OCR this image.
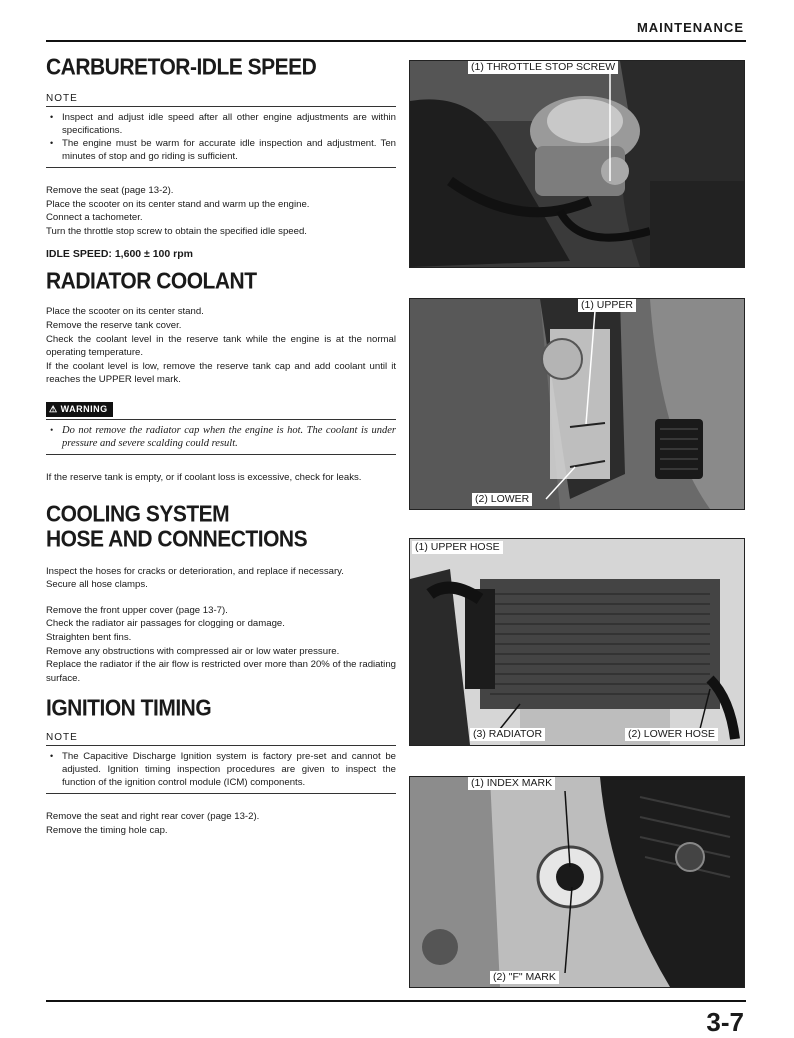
MAINTENANCE
CARBURETOR-IDLE SPEED
NOTE
• Inspect and adjust idle speed after all other engine adjustments are within specifications.
• The engine must be warm for accurate idle inspection and adjustment. Ten minutes of stop and go riding is sufficient.

Remove the seat (page 13-2).

Place the scooter on its center stand and warm up the engine.

Connect a tachometer.

Turn the throttle stop screw to obtain the specified idle speed.

IDLE SPEED: 1,600 ± 100 rpm

RADIATOR COOLANT

Place the scooter on its center stand.

Remove the reserve tank cover.

Check the coolant level in the reserve tank while the engine is at the normal operating temperature.

If the coolant level is low, remove the reserve tank cap and add coolant until it reaches the UPPER level mark.

⚠ WARNING
• Do not remove the radiator cap when the engine is hot. The coolant is under pressure and severe scalding could result.

If the reserve tank is empty, or if coolant loss is excessive, check for leaks.

COOLING SYSTEM
HOSE AND CONNECTIONS

Inspect the hoses for cracks or deterioration, and replace if necessary.

Secure all hose clamps.

Remove the front upper cover (page 13-7).

Check the radiator air passages for clogging or damage.

Straighten bent fins.

Remove any obstructions with compressed air or low water pressure.

Replace the radiator if the air flow is restricted over more than 20% of the radiating surface.

IGNITION TIMING
NOTE
• The Capacitive Discharge Ignition system is factory pre-set and cannot be adjusted. Ignition timing inspection procedures are given to inspect the function of the ignition control module (ICM) components.

Remove the seat and right rear cover (page 13-2).

Remove the timing hole cap.

(1) THROTTLE STOP SCREW
(1) UPPER
(2) LOWER
(1) UPPER HOSE
(3) RADIATOR	(2) LOWER HOSE
(1) INDEX MARK
(2) "F" MARK
3-7
